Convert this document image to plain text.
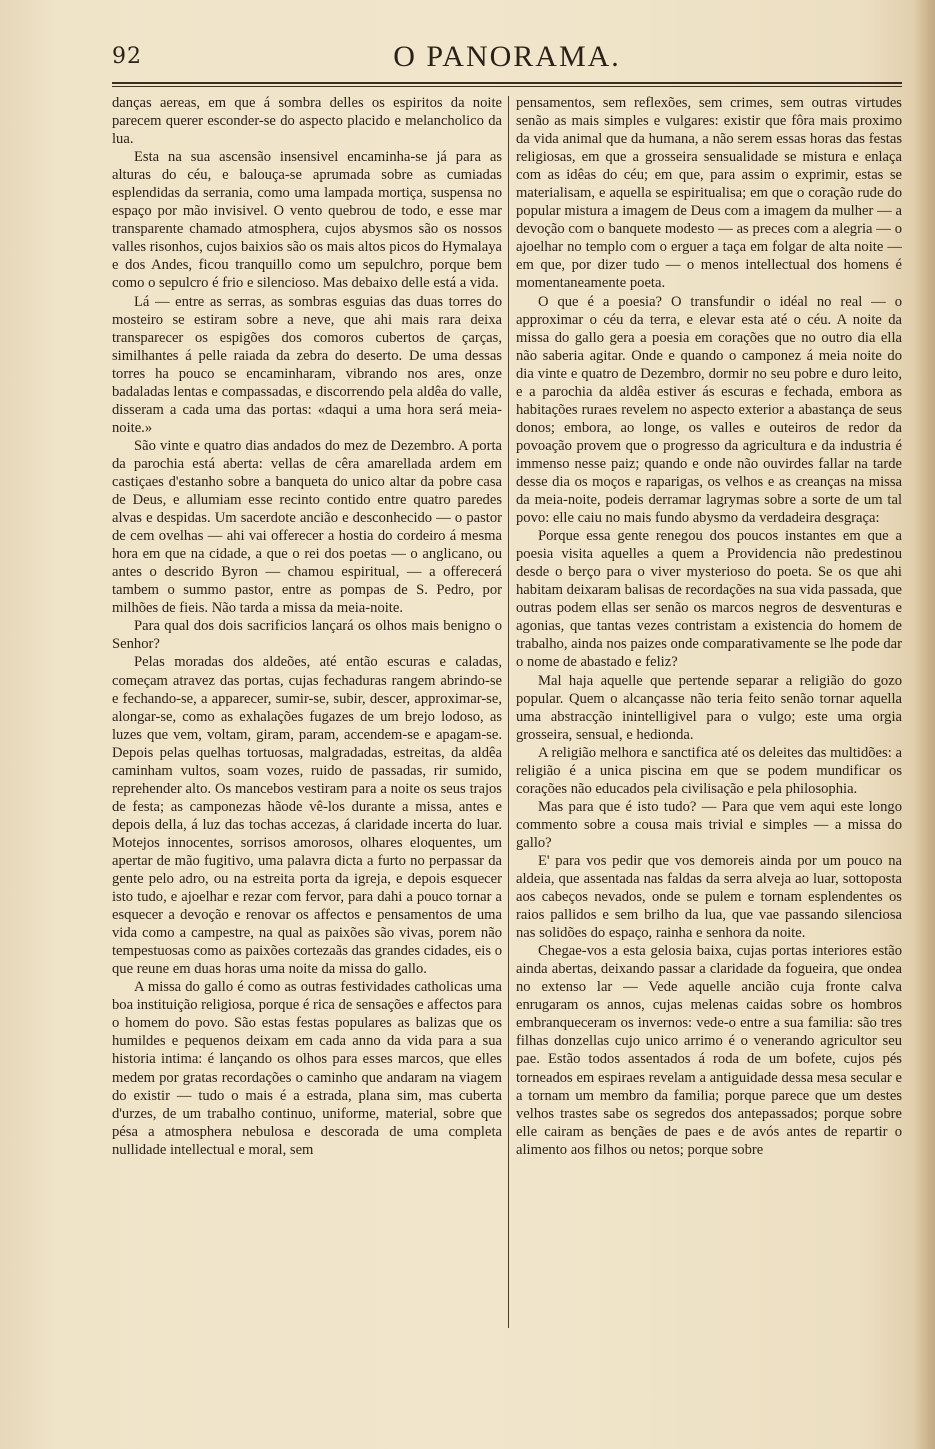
92	O PANORAMA.

danças aereas, em que á sombra delles os espiritos da noite parecem querer esconder-se do aspecto placido e melancholico da lua.

Esta na sua ascensão insensivel encaminha-se já para as alturas do céu, e balouça-se aprumada sobre as cumiadas esplendidas da serrania, como uma lampada mortiça, suspensa no espaço por mão invisivel. O vento quebrou de todo, e esse mar transparente chamado atmosphera, cujos abysmos são os nossos valles risonhos, cujos baixios são os mais altos picos do Hymalaya e dos Andes, ficou tranquillo como um sepulchro, porque bem como o sepulcro é frio e silencioso. Mas debaixo delle está a vida.

Lá — entre as serras, as sombras esguias das duas torres do mosteiro se estiram sobre a neve, que ahi mais rara deixa transparecer os espigões dos comoros cubertos de çarças, similhantes á pelle raiada da zebra do deserto. De uma dessas torres ha pouco se encaminharam, vibrando nos ares, onze badaladas lentas e compassadas, e discorrendo pela aldêa do valle, disseram a cada uma das portas: «daqui a uma hora será meia-noite.»

São vinte e quatro dias andados do mez de Dezembro. A porta da parochia está aberta: vellas de cêra amarellada ardem em castiçaes d'estanho sobre a banqueta do unico altar da pobre casa de Deus, e allumiam esse recinto contido entre quatro paredes alvas e despidas. Um sacerdote ancião e desconhecido — o pastor de cem ovelhas — ahi vai offerecer a hostia do cordeiro á mesma hora em que na cidade, a que o rei dos poetas — o anglicano, ou antes o descrido Byron — chamou espiritual, — a offerecerá tambem o summo pastor, entre as pompas de S. Pedro, por milhões de fieis. Não tarda a missa da meia-noite.

Para qual dos dois sacrificios lançará os olhos mais benigno o Senhor?

Pelas moradas dos aldeões, até então escuras e caladas, começam atravez das portas, cujas fechaduras rangem abrindo-se e fechando-se, a apparecer, sumir-se, subir, descer, approximar-se, alongar-se, como as exhalações fugazes de um brejo lodoso, as luzes que vem, voltam, giram, param, accendem-se e apagam-se. Depois pelas quelhas tortuosas, malgradadas, estreitas, da aldêa caminham vultos, soam vozes, ruido de passadas, rir sumido, reprehender alto. Os mancebos vestiram para a noite os seus trajos de festa; as camponezas hãode vê-los durante a missa, antes e depois della, á luz das tochas accezas, á claridade incerta do luar. Motejos innocentes, sorrisos amorosos, olhares eloquentes, um apertar de mão fugitivo, uma palavra dicta a furto no perpassar da gente pelo adro, ou na estreita porta da igreja, e depois esquecer isto tudo, e ajoelhar e rezar com fervor, para dahi a pouco tornar a esquecer a devoção e renovar os affectos e pensamentos de uma vida como a campestre, na qual as paixões são vivas, porem não tempestuosas como as paixões cortezaãs das grandes cidades, eis o que reune em duas horas uma noite da missa do gallo.

A missa do gallo é como as outras festividades catholicas uma boa instituição religiosa, porque é rica de sensações e affectos para o homem do povo. São estas festas populares as balizas que os humildes e pequenos deixam em cada anno da vida para a sua historia intima: é lançando os olhos para esses marcos, que elles medem por gratas recordações o caminho que andaram na viagem do existir — tudo o mais é a estrada, plana sim, mas cuberta d'urzes, de um trabalho continuo, uniforme, material, sobre que pésa a atmosphera nebulosa e descorada de uma completa nullidade intellectual e moral, sem

pensamentos, sem reflexões, sem crimes, sem outras virtudes senão as mais simples e vulgares: existir que fôra mais proximo da vida animal que da humana, a não serem essas horas das festas religiosas, em que a grosseira sensualidade se mistura e enlaça com as idêas do céu; em que, para assim o exprimir, estas se materialisam, e aquella se espiritualisa; em que o coração rude do popular mistura a imagem de Deus com a imagem da mulher — a devoção com o banquete modesto — as preces com a alegria — o ajoelhar no templo com o erguer a taça em folgar de alta noite — em que, por dizer tudo — o menos intellectual dos homens é momentaneamente poeta.

O que é a poesia? O transfundir o idéal no real — o approximar o céu da terra, e elevar esta até o céu. A noite da missa do gallo gera a poesia em corações que no outro dia ella não saberia agitar. Onde e quando o camponez á meia noite do dia vinte e quatro de Dezembro, dormir no seu pobre e duro leito, e a parochia da aldêa estiver ás escuras e fechada, embora as habitações ruraes revelem no aspecto exterior a abastança de seus donos; embora, ao longe, os valles e outeiros de redor da povoação provem que o progresso da agricultura e da industria é immenso nesse paiz; quando e onde não ouvirdes fallar na tarde desse dia os moços e raparigas, os velhos e as creanças na missa da meia-noite, podeis derramar lagrymas sobre a sorte de um tal povo: elle caiu no mais fundo abysmo da verdadeira desgraça:

Porque essa gente renegou dos poucos instantes em que a poesia visita aquelles a quem a Providencia não predestinou desde o berço para o viver mysterioso do poeta. Se os que ahi habitam deixaram balisas de recordações na sua vida passada, que outras podem ellas ser senão os marcos negros de desventuras e agonias, que tantas vezes contristam a existencia do homem de trabalho, ainda nos paizes onde comparativamente se lhe pode dar o nome de abastado e feliz?

Mal haja aquelle que pertende separar a religião do gozo popular. Quem o alcançasse não teria feito senão tornar aquella uma abstracção inintelligivel para o vulgo; este uma orgia grosseira, sensual, e hedionda.

A religião melhora e sanctifica até os deleites das multidões: a religião é a unica piscina em que se podem mundificar os corações não educados pela civilisação e pela philosophia.

Mas para que é isto tudo? — Para que vem aqui este longo commento sobre a cousa mais trivial e simples — a missa do gallo?

E' para vos pedir que vos demoreis ainda por um pouco na aldeia, que assentada nas faldas da serra alveja ao luar, sottoposta aos cabeços nevados, onde se pulem e tornam esplendentes os raios pallidos e sem brilho da lua, que vae passando silenciosa nas solidões do espaço, rainha e senhora da noite.

Chegae-vos a esta gelosia baixa, cujas portas interiores estão ainda abertas, deixando passar a claridade da fogueira, que ondea no extenso lar — Vede aquelle ancião cuja fronte calva enrugaram os annos, cujas melenas caidas sobre os hombros embranqueceram os invernos: vede-o entre a sua familia: são tres filhas donzellas cujo unico arrimo é o venerando agricultor seu pae. Estão todos assentados á roda de um bofete, cujos pés torneados em espiraes revelam a antiguidade dessa mesa secular e a tornam um membro da familia; porque parece que um destes velhos trastes sabe os segredos dos antepassados; porque sobre elle cairam as bençães de paes e de avós antes de repartir o alimento aos filhos ou netos; porque sobre
